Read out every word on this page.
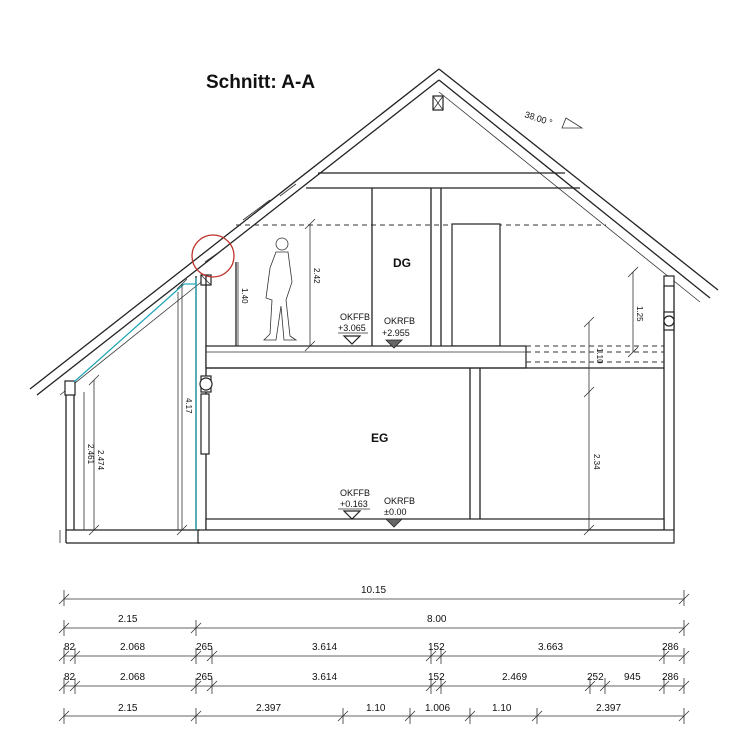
Schnitt: A-A
38.00 °
DG
OKFFB
+3.065
OKRFB
+2.955
EG
OKFFB
+0.163 OKRFB
±0.00
2.42
1.40
4.17
2.461 2.474
1.25
1.10
2.34
10.15
2.15	8.00
82	2.068	265	3.614	152	3.663	286
82	2.068	265	3.614	152	2.469	252 945 286
2.15	2.397	1.10	1.006	1.10	2.397
